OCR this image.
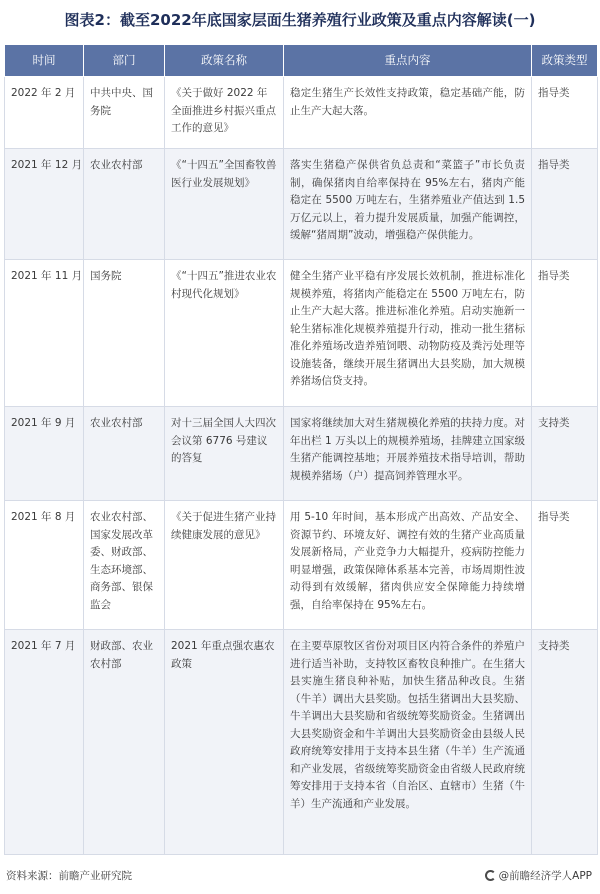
图表2：截至2022年底国家层面生猪养殖行业政策及重点内容解读(一)
时间	部门	政策名称	重点内容	政策类型
2022 年 2 月	中共中央、国务院	《关于做好 2022 年全面推进乡村振兴重点工作的意见》	稳定生猪生产长效性支持政策，稳定基础产能，防止生产大起大落。	指导类
2021 年 12 月	农业农村部	《“十四五”全国畜牧兽医行业发展规划》	落实生猪稳产保供省负总责和“菜篮子”市长负责制，确保猪肉自给率保持在 95%左右，猪肉产能稳定在 5500 万吨左右，生猪养殖业产值达到 1.5 万亿元以上，着力提升发展质量，加强产能调控，缓解“猪周期”波动，增强稳产保供能力。	指导类
2021 年 11 月	国务院	《“十四五”推进农业农村现代化规划》	健全生猪产业平稳有序发展长效机制，推进标准化规模养殖，将猪肉产能稳定在 5500 万吨左右，防止生产大起大落。推进标准化养殖。启动实施新一轮生猪标准化规模养殖提升行动，推动一批生猪标准化养殖场改造养殖饲喂、动物防疫及粪污处理等设施装备，继续开展生猪调出大县奖励，加大规模养猪场信贷支持。	指导类
2021 年 9 月	农业农村部	对十三届全国人大四次会议第 6776 号建议的答复	国家将继续加大对生猪规模化养殖的扶持力度。对年出栏 1 万头以上的规模养殖场，挂牌建立国家级生猪产能调控基地；开展养殖技术指导培训，帮助规模养猪场（户）提高饲养管理水平。	支持类
2021 年 8 月	农业农村部、国家发展改革委、财政部、生态环境部、商务部、银保监会	《关于促进生猪产业持续健康发展的意见》	用 5-10 年时间，基本形成产出高效、产品安全、资源节约、环境友好、调控有效的生猪产业高质量发展新格局，产业竞争力大幅提升，疫病防控能力明显增强，政策保障体系基本完善，市场周期性波动得到有效缓解，猪肉供应安全保障能力持续增强，自给率保持在 95%左右。	指导类
2021 年 7 月	财政部、农业农村部	2021 年重点强农惠农政策	在主要草原牧区省份对项目区内符合条件的养殖户进行适当补助，支持牧区畜牧良种推广。在生猪大县实施生猪良种补贴，加快生猪品种改良。生猪（牛羊）调出大县奖励。包括生猪调出大县奖励、牛羊调出大县奖励和省级统筹奖励资金。生猪调出大县奖励资金和牛羊调出大县奖励资金由县级人民政府统筹安排用于支持本县生猪（牛羊）生产流通和产业发展，省级统筹奖励资金由省级人民政府统筹安排用于支持本省（自治区、直辖市）生猪（牛羊）生产流通和产业发展。	支持类
资料来源：前瞻产业研究院	@前瞻经济学人APP
